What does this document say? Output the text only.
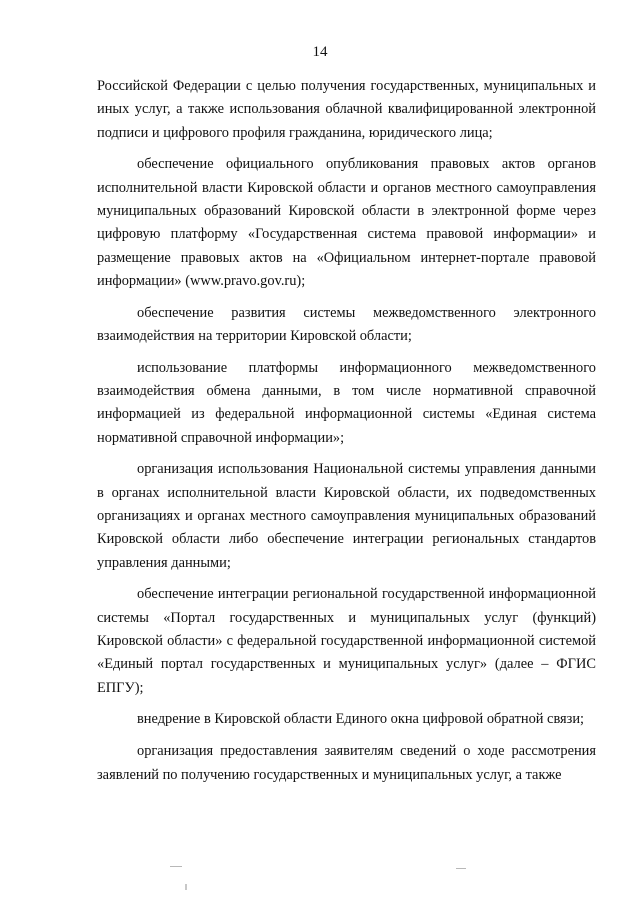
14

Российской Федерации с целью получения государственных, муниципальных и иных услуг, а также использования облачной квалифицированной электронной подписи и цифрового профиля гражданина, юридического лица;

обеспечение официального опубликования правовых актов органов исполнительной власти Кировской области и органов местного самоуправления муниципальных образований Кировской области в электронной форме через цифровую платформу «Государственная система правовой информации» и размещение правовых актов на «Официальном интернет-портале правовой информации» (www.pravo.gov.ru);

обеспечение развития системы межведомственного электронного взаимодействия на территории Кировской области;

использование платформы информационного межведомственного взаимодействия обмена данными, в том числе нормативной справочной информацией из федеральной информационной системы «Единая система нормативной справочной информации»;

организация использования Национальной системы управления данными в органах исполнительной власти Кировской области, их подведомственных организациях и органах местного самоуправления муниципальных образований Кировской области либо обеспечение интеграции региональных стандартов управления данными;

обеспечение интеграции региональной государственной информационной системы «Портал государственных и муниципальных услуг (функций) Кировской области» с федеральной государственной информационной системой «Единый портал государственных и муниципальных услуг» (далее – ФГИС ЕПГУ);

внедрение в Кировской области Единого окна цифровой обратной связи;

организация предоставления заявителям сведений о ходе рассмотрения заявлений по получению государственных и муниципальных услуг, а также
